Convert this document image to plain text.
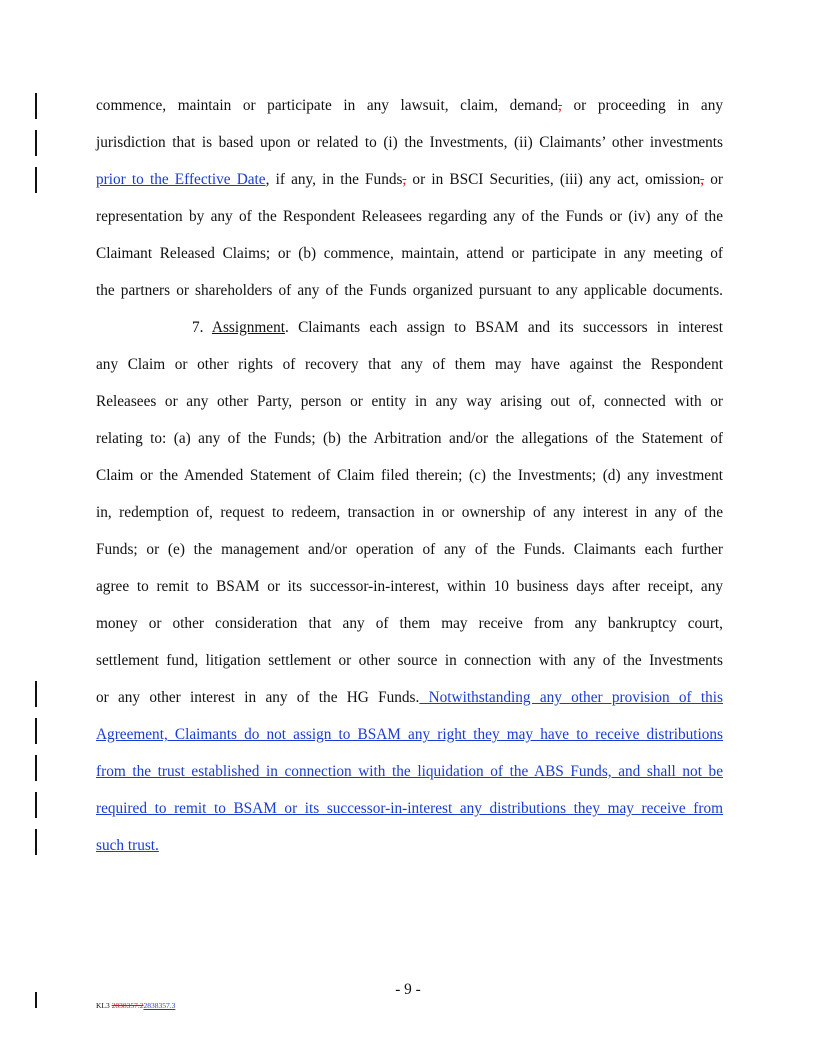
commence, maintain or participate in any lawsuit, claim, demand, or proceeding in any
jurisdiction that is based upon or related to (i) the Investments, (ii) Claimants’ other investments
prior to the Effective Date, if any, in the Funds, or in BSCI Securities, (iii) any act, omission, or
representation by any of the Respondent Releasees regarding any of the Funds or (iv) any of the
Claimant Released Claims; or (b) commence, maintain, attend or participate in any meeting of
the partners or shareholders of any of the Funds organized pursuant to any applicable documents.
7. Assignment. Claimants each assign to BSAM and its successors in interest
any Claim or other rights of recovery that any of them may have against the Respondent
Releasees or any other Party, person or entity in any way arising out of, connected with or
relating to: (a) any of the Funds; (b) the Arbitration and/or the allegations of the Statement of
Claim or the Amended Statement of Claim filed therein; (c) the Investments; (d) any investment
in, redemption of, request to redeem, transaction in or ownership of any interest in any of the
Funds; or (e) the management and/or operation of any of the Funds. Claimants each further
agree to remit to BSAM or its successor-in-interest, within 10 business days after receipt, any
money or other consideration that any of them may receive from any bankruptcy court,
settlement fund, litigation settlement or other source in connection with any of the Investments
or any other interest in any of the HG Funds. Notwithstanding any other provision of this
Agreement, Claimants do not assign to BSAM any right they may have to receive distributions
from the trust established in connection with the liquidation of the ABS Funds, and shall not be
required to remit to BSAM or its successor-in-interest any distributions they may receive from
such trust.
- 9 -
KL3 2838357.22838357.3
